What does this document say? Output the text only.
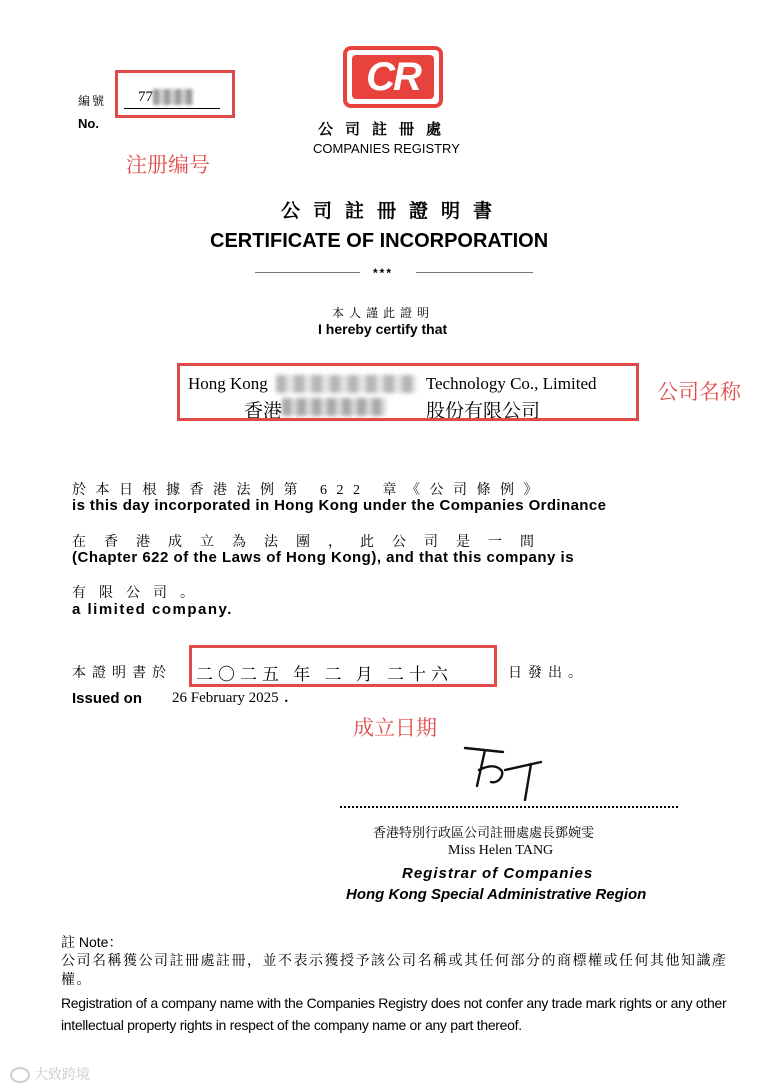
編號
No.
77
注册编号
CR
公司註冊處
COMPANIES REGISTRY
公司註冊證明書
CERTIFICATE OF INCORPORATION
***
本人謹此證明
I hereby certify that
Hong Kong	Technology Co., Limited
香港	股份有限公司
公司名称
於本日根據香港法例第 622 章《公司條例》
is this day incorporated in Hong Kong under the Companies Ordinance
在香港成立為法團，此公司是一間
(Chapter 622 of the Laws of Hong Kong), and that this company is
有限公司。
a limited company.
本證明書於 二〇二五 年 二 月 二十六	日發出。
Issued on 26 February 2025 .
成立日期
香港特別行政區公司註冊處處長鄧婉雯
Miss Helen TANG
Registrar of Companies
Hong Kong Special Administrative Region
註 Note：
公司名稱獲公司註冊處註冊，並不表示獲授予該公司名稱或其任何部分的商標權或任何其他知識產權。
Registration of a company name with the Companies Registry does not confer any trade mark rights or any other intellectual property rights in respect of the company name or any part thereof.
大致跨境
